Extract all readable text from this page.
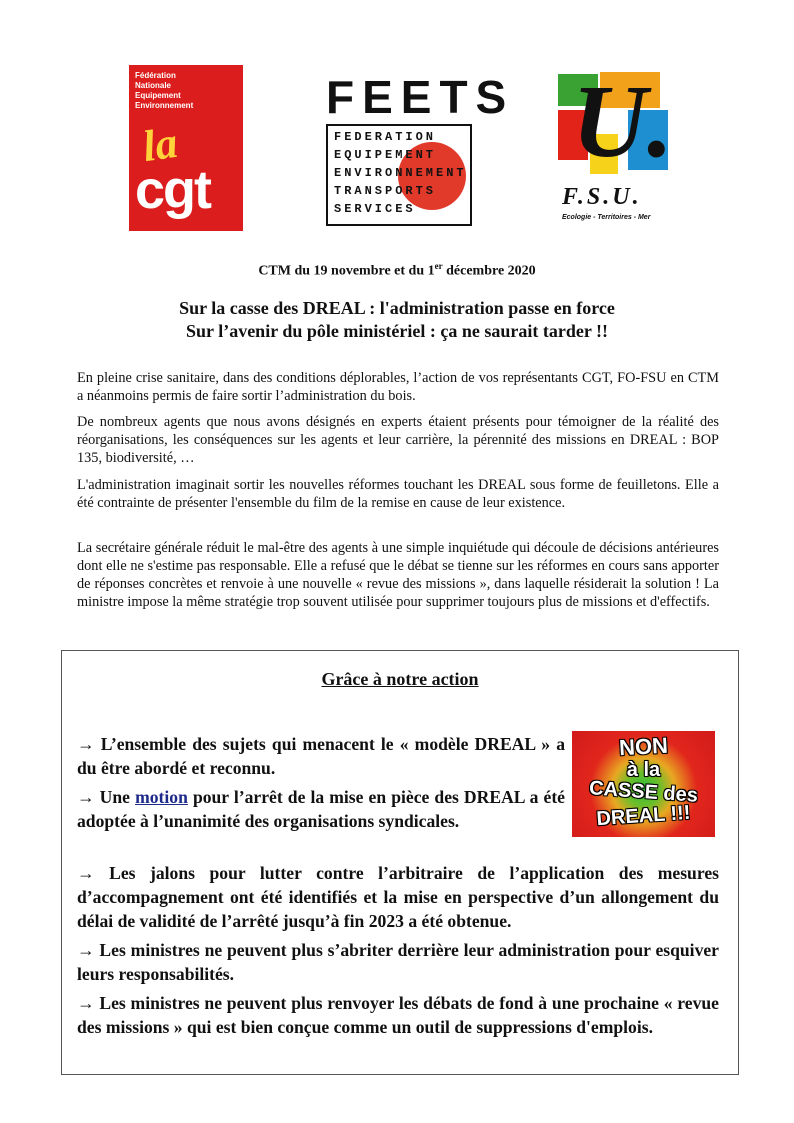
Fédération
Nationale
Equipement
Environnement
la
cgt
FEETS
FEDERATION
EQUIPEMENT
ENVIRONNEMENT
TRANSPORTS
SERVICES
U.
F.S.U.
Ecologie - Territoires - Mer
CTM du 19 novembre et du 1er décembre 2020
Sur la casse des DREAL : l'administration passe en force
Sur l’avenir du pôle ministériel : ça ne saurait tarder !!
En pleine crise sanitaire, dans des conditions déplorables, l’action de vos représentants CGT, FO-FSU en CTM a néanmoins permis de faire sortir l’administration du bois.
De nombreux agents que nous avons désignés en experts étaient présents pour témoigner de la réalité des réorganisations, les conséquences sur les agents et leur carrière, la pérennité des missions en DREAL : BOP 135, biodiversité, …
L'administration imaginait sortir les nouvelles réformes touchant les DREAL sous forme de feuilletons. Elle a été contrainte de présenter l'ensemble du film de la remise en cause de leur existence.
La secrétaire générale réduit le mal-être des agents à une simple inquiétude qui découle de décisions antérieures dont elle ne s'estime pas responsable. Elle a refusé que le débat se tienne sur les réformes en cours sans apporter de réponses concrètes et renvoie à une nouvelle « revue des missions », dans laquelle résiderait la solution ! La ministre impose la même stratégie trop souvent utilisée pour supprimer toujours plus de missions et d'effectifs.
Grâce à notre action
→ L’ensemble des sujets qui menacent le « modèle DREAL » a du être abordé et reconnu.
→ Une motion pour l’arrêt de la mise en pièce des DREAL a été adoptée à l’unanimité des organisations syndicales.
→ Les jalons pour lutter contre l’arbitraire de l’application des mesures d’accompagnement ont été identifiés et la mise en perspective d’un allongement du délai de validité de l’arrêté jusqu’à fin 2023 a été obtenue.
→ Les ministres ne peuvent plus s’abriter derrière leur administration pour esquiver leurs responsabilités.
→ Les ministres ne peuvent plus renvoyer les débats de fond à une prochaine « revue des missions » qui est bien conçue comme un outil de suppressions d'emplois.
NON
à la
CASSE des
DREAL !!!
